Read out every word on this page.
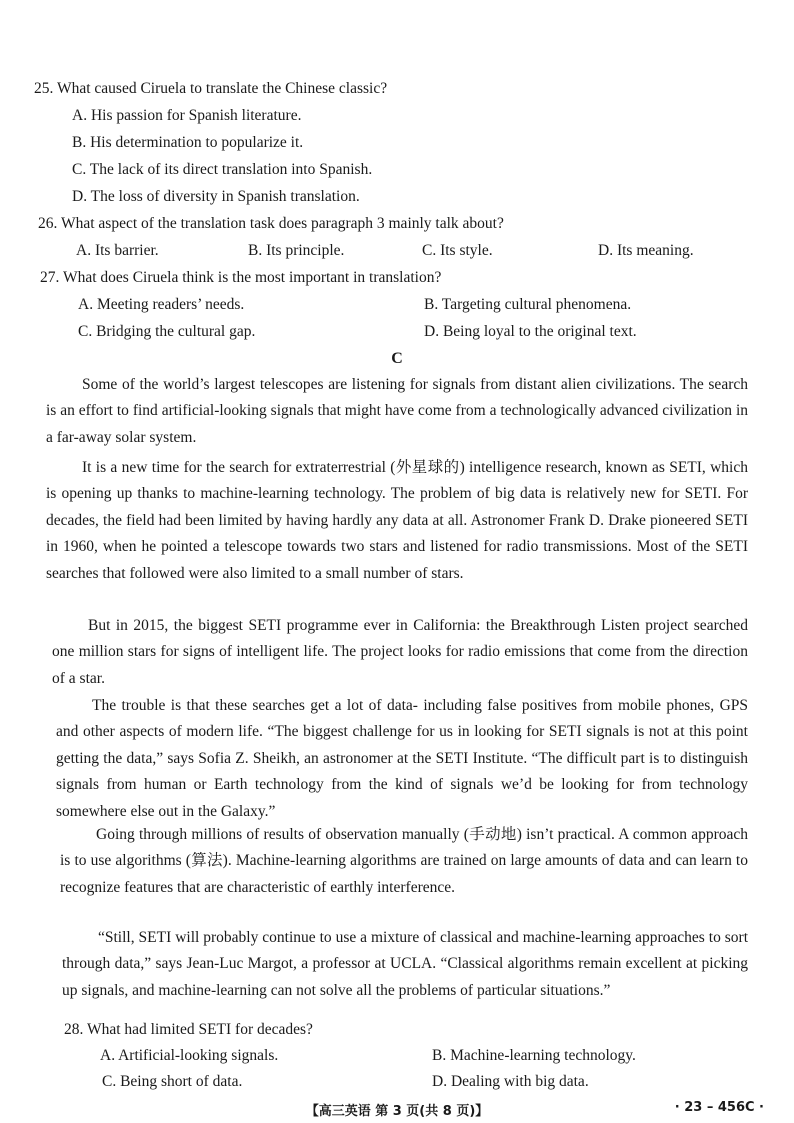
25. What caused Ciruela to translate the Chinese classic?
A. His passion for Spanish literature.
B. His determination to popularize it.
C. The lack of its direct translation into Spanish.
D. The loss of diversity in Spanish translation.
26. What aspect of the translation task does paragraph 3 mainly talk about?
A. Its barrier.	B. Its principle.	C. Its style.	D. Its meaning.
27. What does Ciruela think is the most important in translation?
A. Meeting readers’ needs.	B. Targeting cultural phenomena.
C. Bridging the cultural gap.	D. Being loyal to the original text.
C
Some of the world’s largest telescopes are listening for signals from distant alien civilizations. The search is an effort to find artificial-looking signals that might have come from a technologically advanced civilization in a far-away solar system.
It is a new time for the search for extraterrestrial (外星球的) intelligence research, known as SETI, which is opening up thanks to machine-learning technology. The problem of big data is relatively new for SETI. For decades, the field had been limited by having hardly any data at all. Astronomer Frank D. Drake pioneered SETI in 1960, when he pointed a telescope towards two stars and listened for radio transmissions. Most of the SETI searches that followed were also limited to a small number of stars.
But in 2015, the biggest SETI programme ever in California: the Breakthrough Listen project searched one million stars for signs of intelligent life. The project looks for radio emissions that come from the direction of a star.
The trouble is that these searches get a lot of data- including false positives from mobile phones, GPS and other aspects of modern life. “The biggest challenge for us in looking for SETI signals is not at this point getting the data,” says Sofia Z. Sheikh, an astronomer at the SETI Institute. “The difficult part is to distinguish signals from human or Earth technology from the kind of signals we’d be looking for from technology somewhere else out in the Galaxy.”
Going through millions of results of observation manually (手动地) isn’t practical. A common approach is to use algorithms (算法). Machine-learning algorithms are trained on large amounts of data and can learn to recognize features that are characteristic of earthly interference.
“Still, SETI will probably continue to use a mixture of classical and machine-learning approaches to sort through data,” says Jean-Luc Margot, a professor at UCLA. “Classical algorithms remain excellent at picking up signals, and machine-learning can not solve all the problems of particular situations.”
28. What had limited SETI for decades?
A. Artificial-looking signals.	B. Machine-learning technology.
C. Being short of data.	D. Dealing with big data.
【高三英语 第 3 页(共 8 页)】	· 23 – 456C ·
